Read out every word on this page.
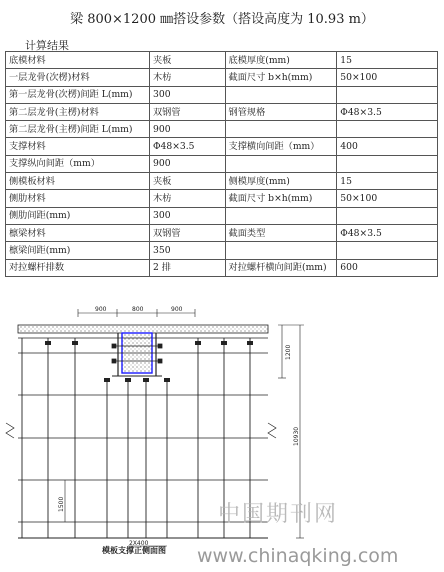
梁 800×1200 ㎜搭设参数（搭设高度为 10.93 m）
计算结果
底模材料	夹板	底模厚度(mm)	15
一层龙骨(次楞)材料	木枋	截面尺寸 b×h(mm)	50×100
第一层龙骨(次楞)间距 L(mm)	300		
第二层龙骨(主楞)材料	双钢管	钢管规格	Φ48×3.5
第二层龙骨(主楞)间距 L(mm)	900		
支撑材料	Φ48×3.5	支撑横向间距（mm）	400
支撑纵向间距（mm）	900		
侧模板材料	夹板	侧模厚度(mm)	15
侧肋材料	木枋	截面尺寸 b×h(mm)	50×100
侧肋间距(mm)	300		
檩梁材料	双钢管	截面类型	Φ48×3.5
檩梁间距(mm)	350		
对拉螺杆排数	2 排	对拉螺杆横向间距(mm)	600
900	800	900
1200
10930
1500
2X400
中国期刊网
模板支撑正侧面图 www.chinaqking.com
